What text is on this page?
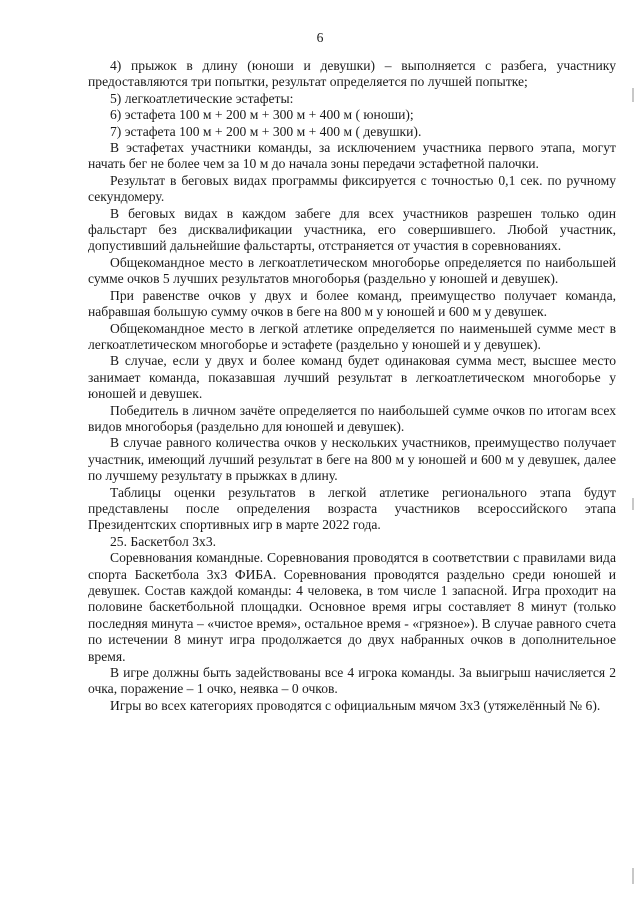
6

4) прыжок в длину (юноши и девушки) – выполняется с разбега, участнику предоставляются три попытки, результат определяется по лучшей попытке;

5) легкоатлетические эстафеты:

6) эстафета 100 м + 200 м + 300 м + 400 м ( юноши);

7) эстафета 100 м + 200 м + 300 м + 400 м ( девушки).

В эстафетах участники команды, за исключением участника первого этапа, могут начать бег не более чем за 10 м до начала зоны передачи эстафетной палочки.

Результат в беговых видах программы фиксируется с точностью 0,1 сек. по ручному секундомеру.

В беговых видах в каждом забеге для всех участников разрешен только один фальстарт без дисквалификации участника, его совершившего. Любой участник, допустивший дальнейшие фальстарты, отстраняется от участия в соревнованиях.

Общекомандное место в легкоатлетическом многоборье определяется по наибольшей сумме очков 5 лучших результатов многоборья (раздельно у юношей и девушек).

При равенстве очков у двух и более команд, преимущество получает команда, набравшая большую сумму очков в беге на 800 м у юношей и 600 м у девушек.

Общекомандное место в легкой атлетике определяется по наименьшей сумме мест в легкоатлетическом многоборье и эстафете (раздельно у юношей и у девушек).

В случае, если у двух и более команд будет одинаковая сумма мест, высшее место занимает команда, показавшая лучший результат в легкоатлетическом многоборье у юношей и девушек.

Победитель в личном зачёте определяется по наибольшей сумме очков по итогам всех видов многоборья (раздельно для юношей и девушек).

В случае равного количества очков у нескольких участников, преимущество получает участник, имеющий лучший результат в беге на 800 м у юношей и 600 м у девушек, далее по лучшему результату в прыжках в длину.

Таблицы оценки результатов в легкой атлетике регионального этапа будут представлены после определения возраста участников всероссийского этапа Президентских спортивных игр в марте 2022 года.

25. Баскетбол 3х3.

Соревнования командные. Соревнования проводятся в соответствии с правилами вида спорта Баскетбола 3х3 ФИБА. Соревнования проводятся раздельно среди юношей и девушек. Состав каждой команды: 4 человека, в том числе 1 запасной. Игра проходит на половине баскетбольной площадки. Основное время игры составляет 8 минут (только последняя минута – «чистое время», остальное время - «грязное»). В случае равного счета по истечении 8 минут игра продолжается до двух набранных очков в дополнительное время.

В игре должны быть задействованы все 4 игрока команды. За выигрыш начисляется 2 очка, поражение – 1 очко, неявка – 0 очков.

Игры во всех категориях проводятся с официальным мячом 3х3 (утяжелённый № 6).
